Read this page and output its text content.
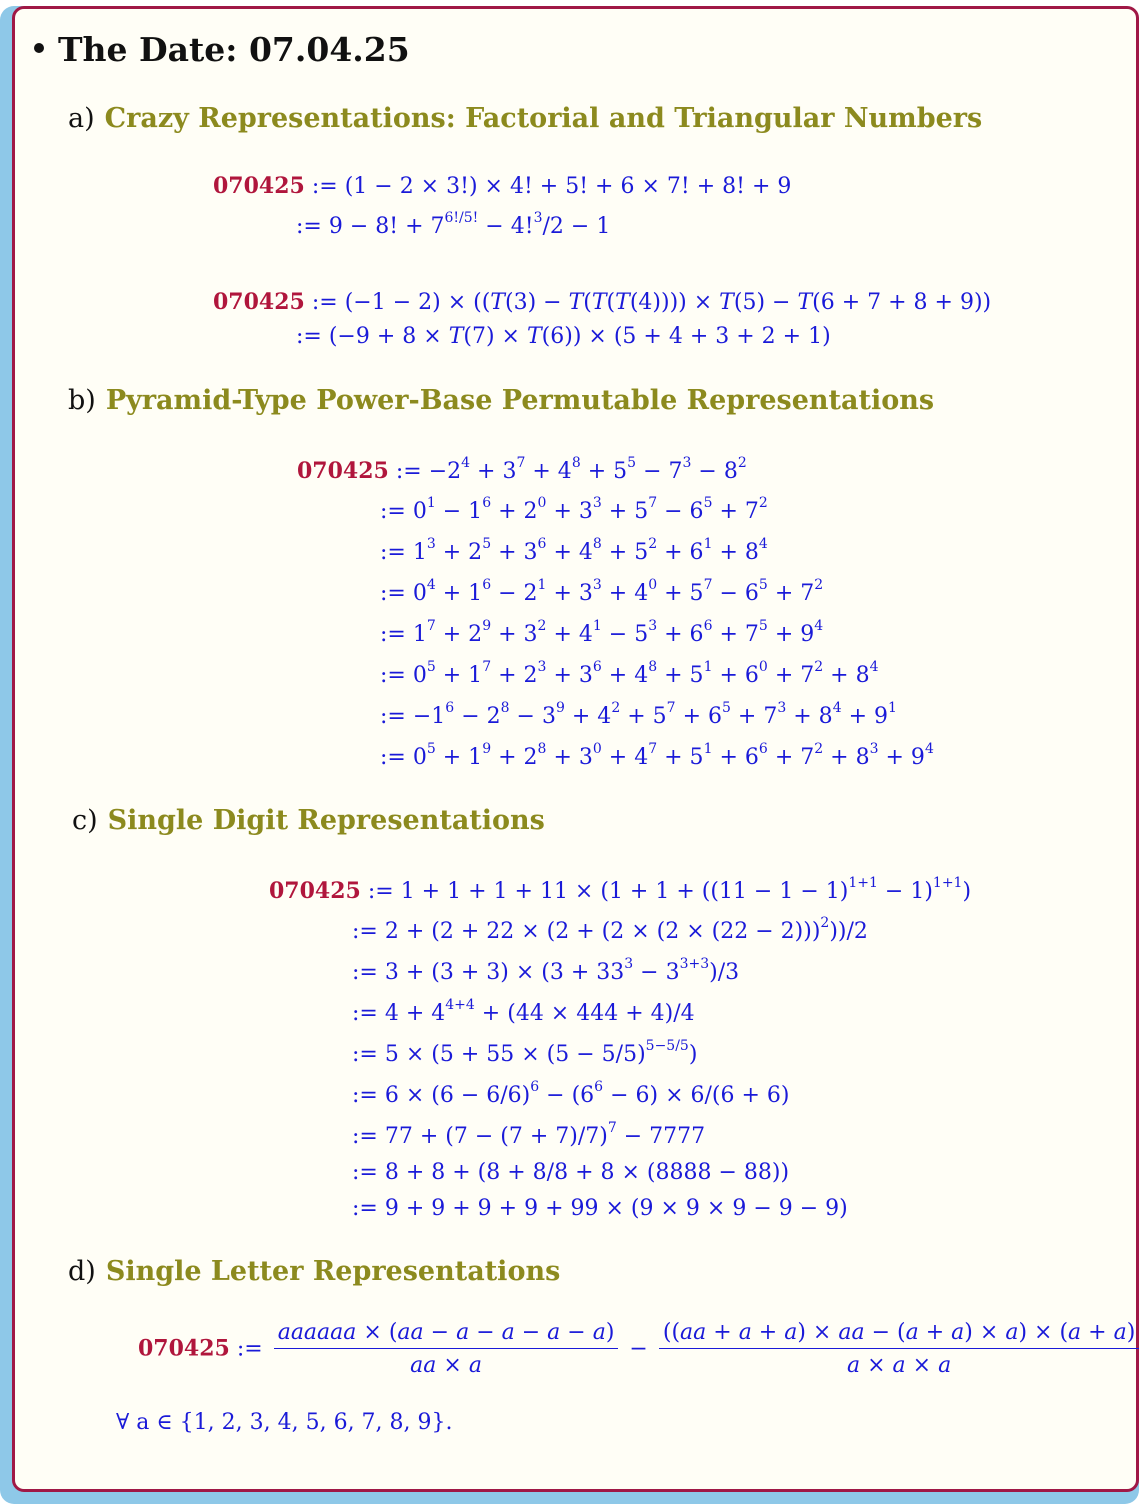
The Date: 07.04.25
a) Crazy Representations: Factorial and Triangular Numbers
070425 := (1 − 2 × 3!) × 4! + 5! + 6 × 7! + 8! + 9
:= 9 − 8! + $7^{6!/5!} - 4!^3/2 - 1$
070425 := (−1 − 2) × ((T(3) − T(T(T(4)))) × T(5) − T(6 + 7 + 8 + 9))
:= (−9 + 8 × T(7) × T(6)) × (5 + 4 + 3 + 2 + 1)
b) Pyramid-Type Power-Base Permutable Representations
070425 := $-2^4 + 3^7 + 4^8 + 5^5 - 7^3 - 8^2$
:= $0^1 - 1^6 + 2^0 + 3^3 + 5^7 - 6^5 + 7^2$
:= $1^3 + 2^5 + 3^6 + 4^8 + 5^2 + 6^1 + 8^4$
:= $0^4 + 1^6 - 2^1 + 3^3 + 4^0 + 5^7 - 6^5 + 7^2$
:= $1^7 + 2^9 + 3^2 + 4^1 - 5^3 + 6^6 + 7^5 + 9^4$
:= $0^5 + 1^7 + 2^3 + 3^6 + 4^8 + 5^1 + 6^0 + 7^2 + 8^4$
:= $-1^6 - 2^8 - 3^9 + 4^2 + 5^7 + 6^5 + 7^3 + 8^4 + 9^1$
:= $0^5 + 1^9 + 2^8 + 3^0 + 4^7 + 5^1 + 6^6 + 7^2 + 8^3 + 9^4$
c) Single Digit Representations
070425 := $1 + 1 + 1 + 11 \times (1 + 1 + ((11 - 1 - 1)^{1+1} - 1)^{1+1})$
:= $2 + (2 + 22 \times (2 + (2 \times (2 \times (22 - 2)))^2))/2$
:= $3 + (3 + 3) \times (3 + 33^3 - 3^{3+3})/3$
:= $4 + 4^{4+4} + (44 \times 444 + 4)/4$
:= $5 \times (5 + 55 \times (5 - 5/5)^{5-5/5})$
:= $6 \times (6 - 6/6)^6 - (6^6 - 6) \times 6/(6 + 6)$
:= $77 + (7 - (7 + 7)/7)^7 - 7777$
:= 8 + 8 + (8 + 8/8 + 8 × (8888 − 88))
:= 9 + 9 + 9 + 9 + 99 × (9 × 9 × 9 − 9 − 9)
d) Single Letter Representations
070425 := $\frac{\text{aaaaaa × (aa − a − a − a − a)}}{aa \times a} - \frac{((aa + a + a) \times aa - (a + a) \times a) \times (a + a)}{a \times a \times a}$
∀ a ∈ {1, 2, 3, 4, 5, 6, 7, 8, 9}.
